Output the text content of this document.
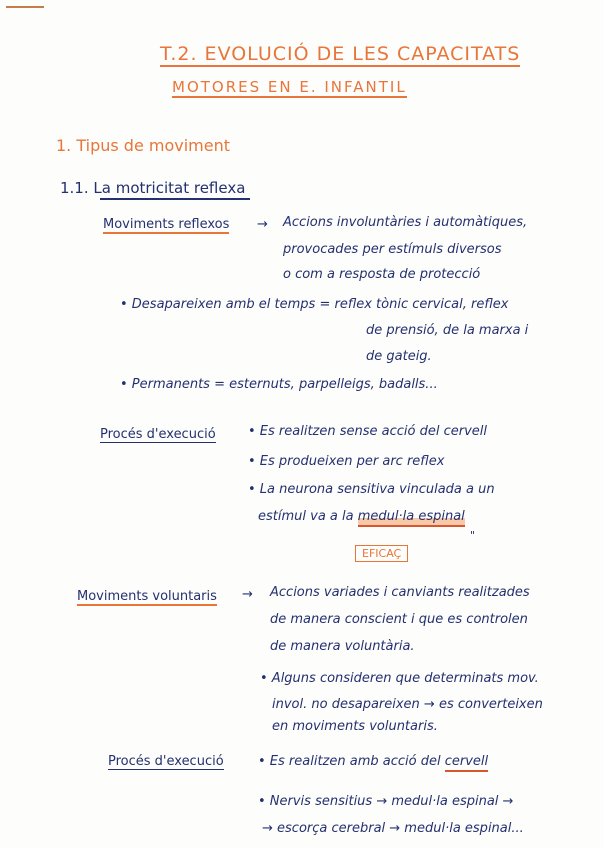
T.2. EVOLUCIÓ DE LES CAPACITATS
MOTORES EN E. INFANTIL
1. Tipus de moviment
1.1. La motricitat reflexa
Moviments reflexos → Accions involuntàries i automàtiques,
provocades per estímuls diversos
o com a resposta de protecció
• Desapareixen amb el temps = reflex tònic cervical, reflex
de prensió, de la marxa i
de gateig.
• Permanents = esternuts, parpelleigs, badalls...
Procés d'execució • Es realitzen sense acció del cervell
• Es produeixen per arc reflex
• La neurona sensitiva vinculada a un
estímul va a la medul·la espinal
"
EFICAÇ
Moviments voluntaris → Accions variades i canviants realitzades
de manera conscient i que es controlen
de manera voluntària.
• Alguns consideren que determinats mov.
invol. no desapareixen → es converteixen
en moviments voluntaris.
Procés d'execució	• Es realitzen amb acció del cervell
• Nervis sensitius → medul·la espinal →
→ escorça cerebral → medul·la espinal...
